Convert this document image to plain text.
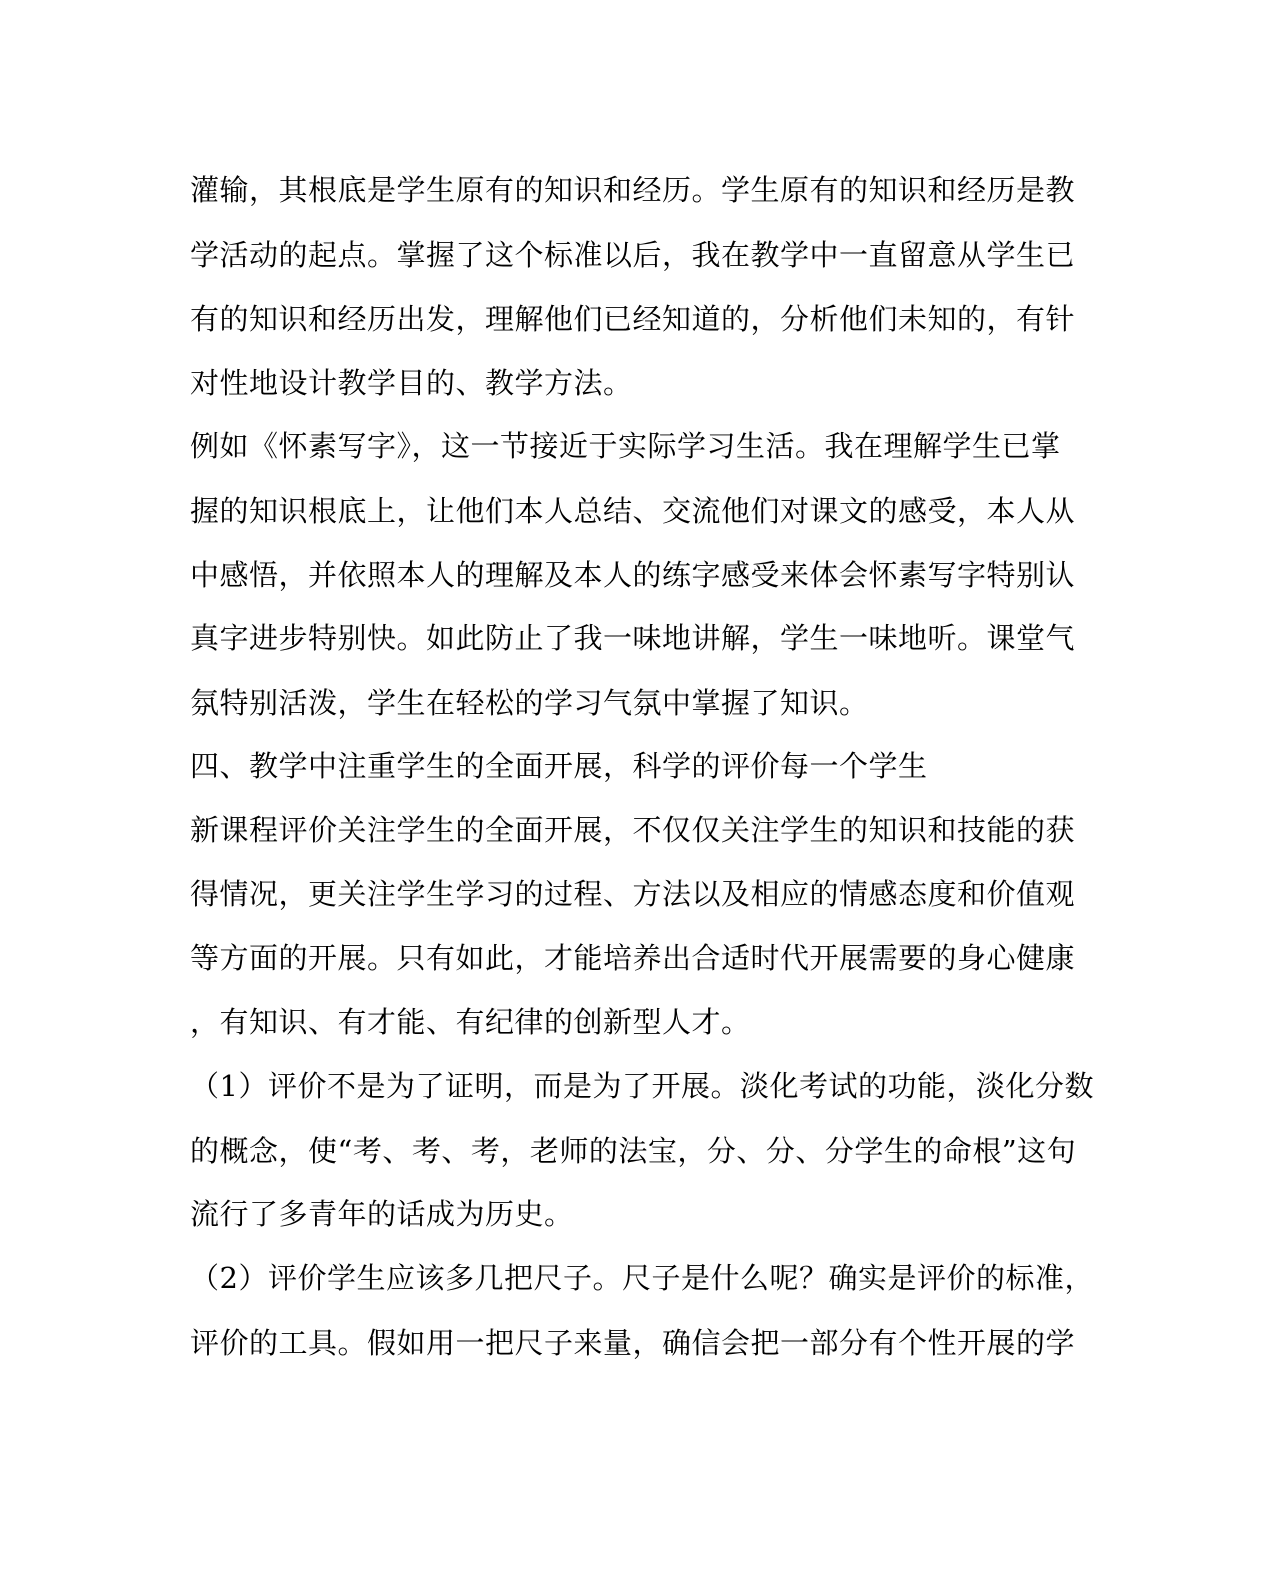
灌输，其根底是学生原有的知识和经历。学生原有的知识和经历是教
学活动的起点。掌握了这个标准以后，我在教学中一直留意从学生已
有的知识和经历出发，理解他们已经知道的，分析他们未知的，有针
对性地设计教学目的、教学方法。
例如《怀素写字》，这一节接近于实际学习生活。我在理解学生已掌
握的知识根底上，让他们本人总结、交流他们对课文的感受，本人从
中感悟，并依照本人的理解及本人的练字感受来体会怀素写字特别认
真字进步特别快。如此防止了我一味地讲解，学生一味地听。课堂气
氛特别活泼，学生在轻松的学习气氛中掌握了知识。
四、教学中注重学生的全面开展，科学的评价每一个学生
新课程评价关注学生的全面开展，不仅仅关注学生的知识和技能的获
得情况，更关注学生学习的过程、方法以及相应的情感态度和价值观
等方面的开展。只有如此，才能培养出合适时代开展需要的身心健康
，有知识、有才能、有纪律的创新型人才。
（1）评价不是为了证明，而是为了开展。淡化考试的功能，淡化分数
的概念，使“考、考、考，老师的法宝，分、分、分学生的命根”这句
流行了多青年的话成为历史。
（2）评价学生应该多几把尺子。尺子是什么呢？确实是评价的标准，
评价的工具。假如用一把尺子来量，确信会把一部分有个性开展的学
